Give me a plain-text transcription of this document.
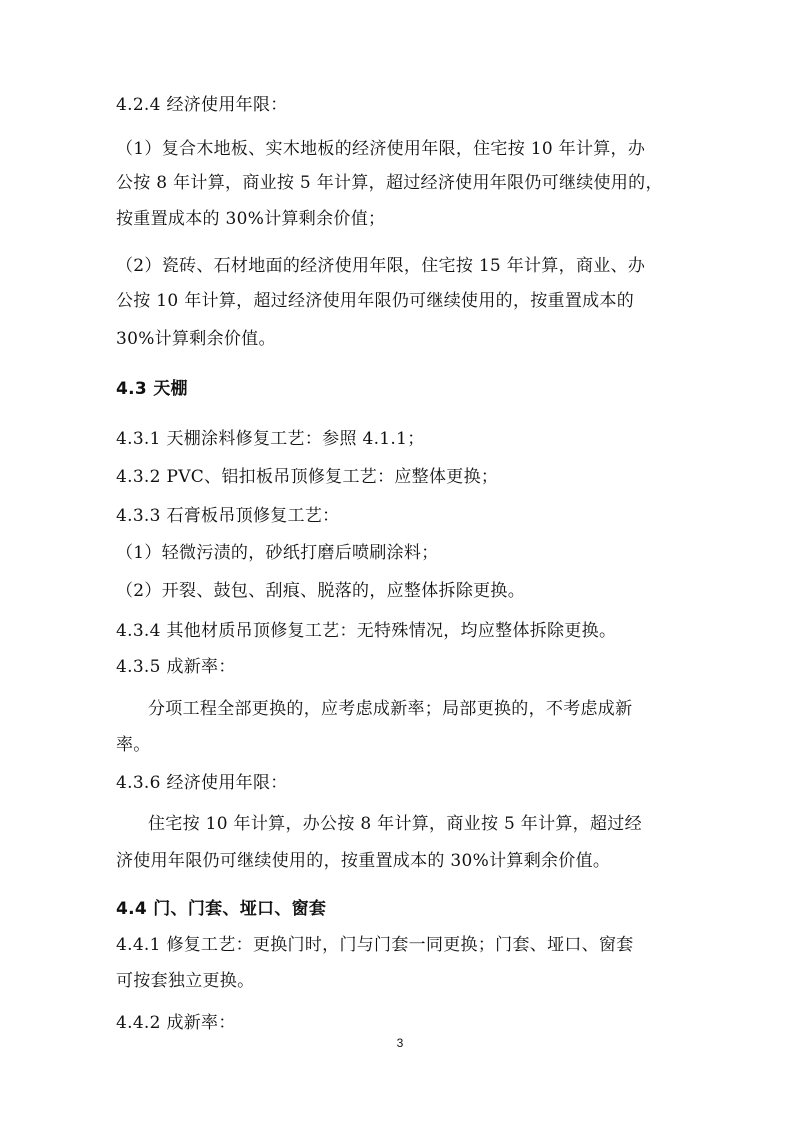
4.2.4 经济使用年限：
（1）复合木地板、实木地板的经济使用年限，住宅按 10 年计算，办
公按 8 年计算，商业按 5 年计算，超过经济使用年限仍可继续使用的，
按重置成本的 30%计算剩余价值；
（2）瓷砖、石材地面的经济使用年限，住宅按 15 年计算，商业、办
公按 10 年计算，超过经济使用年限仍可继续使用的，按重置成本的
30%计算剩余价值。
4.3 天棚
4.3.1 天棚涂料修复工艺：参照 4.1.1；
4.3.2 PVC、铝扣板吊顶修复工艺：应整体更换；
4.3.3 石膏板吊顶修复工艺：
（1）轻微污渍的，砂纸打磨后喷刷涂料；
（2）开裂、鼓包、刮痕、脱落的，应整体拆除更换。
4.3.4 其他材质吊顶修复工艺：无特殊情况，均应整体拆除更换。
4.3.5 成新率：
分项工程全部更换的，应考虑成新率；局部更换的，不考虑成新
率。
4.3.6 经济使用年限：
住宅按 10 年计算，办公按 8 年计算，商业按 5 年计算，超过经
济使用年限仍可继续使用的，按重置成本的 30%计算剩余价值。
4.4 门、门套、垭口、窗套
4.4.1 修复工艺：更换门时，门与门套一同更换；门套、垭口、窗套
可按套独立更换。
4.4.2 成新率：
3
